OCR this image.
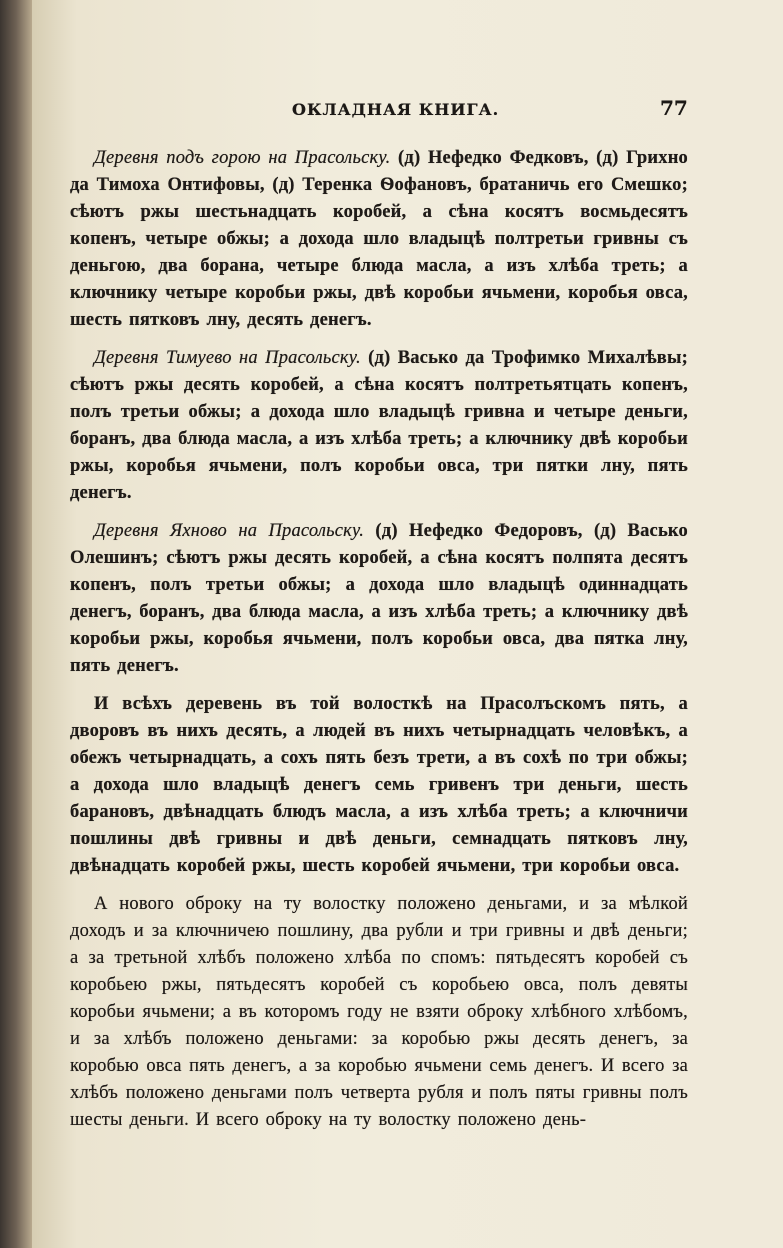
ОКЛАДНАЯ КНИГА.	77

Деревня подъ горою на Прасольску. (д) Нефедко Федковъ, (д) Грихно да Тимоха Онтифовы, (д) Теренка Ѳофановъ, братаничь его Смешко; сѣютъ ржы шестьнадцать коробей, а сѣна косятъ восмьдесятъ копенъ, четыре обжы; а дохода шло владыцѣ полтретьи гривны съ деньгою, два борана, четыре блюда масла, а изъ хлѣба треть; а ключнику четыре коробьи ржы, двѣ коробьи ячьмени, коробья овса, шесть пятковъ лну, десять денегъ.

Деревня Тимуево на Прасольску. (д) Васько да Трофимко Михалѣвы; сѣютъ ржы десять коробей, а сѣна косятъ полтретьятцать копенъ, полъ третьи обжы; а дохода шло владыцѣ гривна и четыре деньги, боранъ, два блюда масла, а изъ хлѣба треть; а ключнику двѣ коробьи ржы, коробья ячьмени, полъ коробьи овса, три пятки лну, пять денегъ.

Деревня Яхново на Прасольску. (д) Нефедко Федоровъ, (д) Васько Олешинъ; сѣютъ ржы десять коробей, а сѣна косятъ полпята десятъ копенъ, полъ третьи обжы; а дохода шло владыцѣ одиннадцать денегъ, боранъ, два блюда масла, а изъ хлѣба треть; а ключнику двѣ коробьи ржы, коробья ячьмени, полъ коробьи овса, два пятка лну, пять денегъ.

И всѣхъ деревень въ той волосткѣ на Прасолъскомъ пять, а дворовъ въ нихъ десять, а людей въ нихъ четырнадцать человѣкъ, а обежъ четырнадцать, а сохъ пять безъ трети, а въ сохѣ по три обжы; а дохода шло владыцѣ денегъ семь гривенъ три деньги, шесть барановъ, двѣнадцать блюдъ масла, а изъ хлѣба треть; а ключничи пошлины двѣ гривны и двѣ деньги, семнадцать пятковъ лну, двѣнадцать коробей ржы, шесть коробей ячьмени, три коробьи овса.

А нового оброку на ту волостку положено деньгами, и за мѣлкой доходъ и за ключничею пошлину, два рубли и три гривны и двѣ деньги; а за третьной хлѣбъ положено хлѣба по спомъ: пятьдесятъ коробей съ коробьею ржы, пятьдесятъ коробей съ коробьею овса, полъ девяты коробьи ячьмени; а въ которомъ году не взяти оброку хлѣбного хлѣбомъ, и за хлѣбъ положено деньгами: за коробью ржы десять денегъ, за коробью овса пять денегъ, а за коробью ячьмени семь денегъ. И всего за хлѣбъ положено деньгами полъ четверта рубля и полъ пяты гривны полъ шесты деньги. И всего оброку на ту волостку положено день-
